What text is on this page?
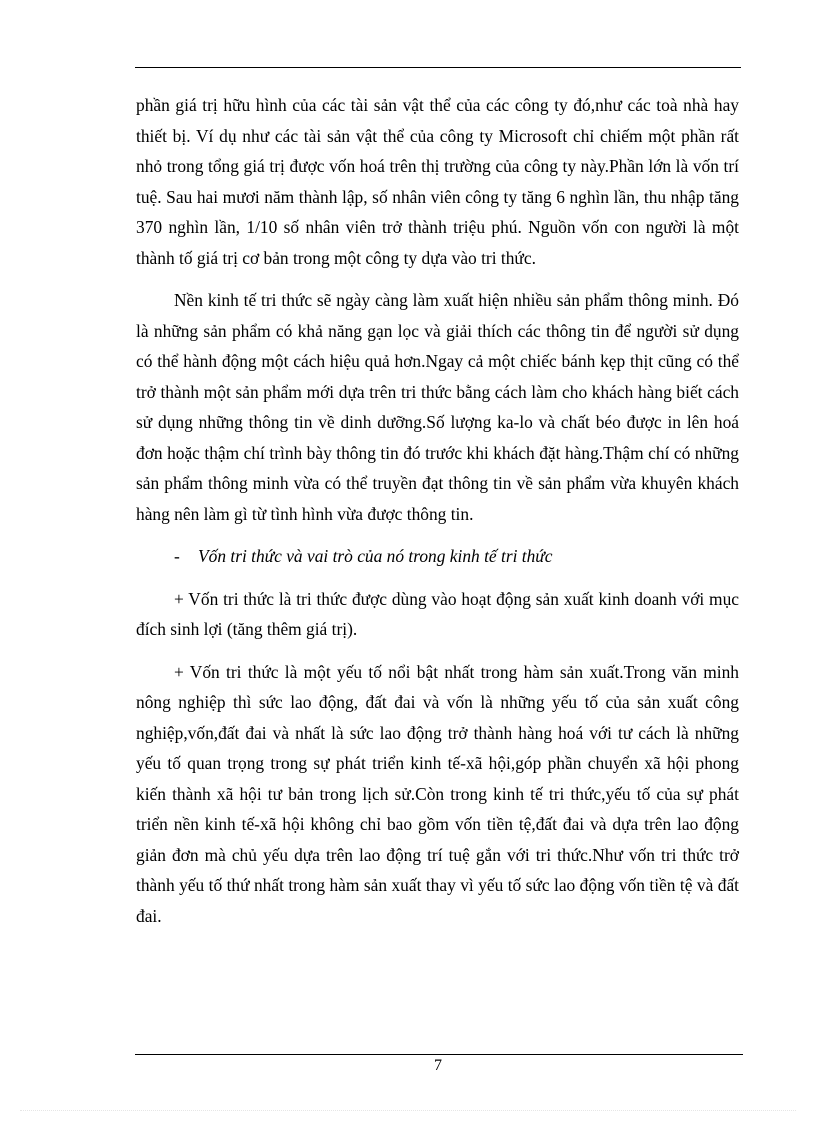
phần giá trị hữu hình của các tài sản vật thể của các công ty đó,như các toà nhà hay thiết bị. Ví dụ như các tài sản vật thể của công ty Microsoft chỉ chiếm một phần rất nhỏ trong tổng giá trị được vốn hoá trên thị trường của công ty này.Phần lớn là vốn trí tuệ. Sau hai mươi năm thành lập, số nhân viên công ty tăng 6 nghìn lần, thu nhập tăng 370 nghìn lần, 1/10 số nhân viên trở thành triệu phú. Nguồn vốn con người là một thành tố giá trị cơ bản trong một công ty dựa vào tri thức.

Nền kinh tế tri thức sẽ ngày càng làm xuất hiện nhiều sản phẩm thông minh. Đó là những sản phẩm có khả năng gạn lọc và giải thích các thông tin để người sử dụng có thể hành động một cách hiệu quả hơn.Ngay cả một chiếc bánh kẹp thịt cũng có thể trở thành một sản phẩm mới dựa trên tri thức bằng cách làm cho khách hàng biết cách sử dụng những thông tin về dinh dưỡng.Số lượng ka-lo và chất béo được in lên hoá đơn hoặc thậm chí trình bày thông tin đó trước khi khách đặt hàng.Thậm chí có những sản phẩm thông minh vừa có thể truyền đạt thông tin về sản phẩm vừa khuyên khách hàng nên làm gì từ tình hình vừa được thông tin.

- Vốn tri thức và vai trò của nó trong kinh tế tri thức

+ Vốn tri thức là tri thức được dùng vào hoạt động sản xuất kinh doanh với mục đích sinh lợi (tăng thêm giá trị).

+ Vốn tri thức là một yếu tố nổi bật nhất trong hàm sản xuất.Trong văn minh nông nghiệp thì sức lao động, đất đai và vốn là những yếu tố của sản xuất công nghiệp,vốn,đất đai và nhất là sức lao động trở thành hàng hoá với tư cách là những yếu tố quan trọng trong sự phát triển kinh tế-xã hội,góp phần chuyển xã hội phong kiến thành xã hội tư bản trong lịch sử.Còn trong kinh tế tri thức,yếu tố của sự phát triển nền kinh tế-xã hội không chỉ bao gồm vốn tiền tệ,đất đai và dựa trên lao động giản đơn mà chủ yếu dựa trên lao động trí tuệ gắn với tri thức.Như vốn tri thức trở thành yếu tố thứ nhất trong hàm sản xuất thay vì yếu tố sức lao động vốn tiền tệ và đất đai.

7
